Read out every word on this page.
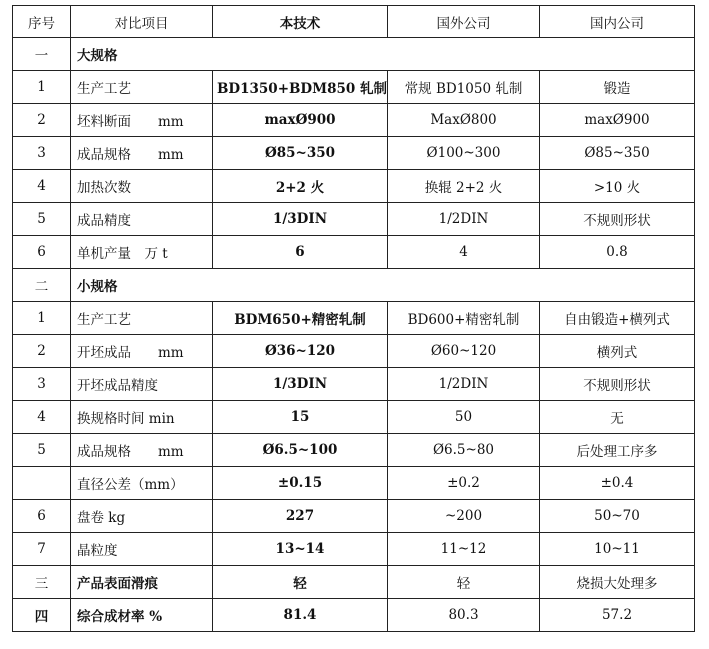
序号	对比项目	本技术	国外公司	国内公司
一	大规格			
1	生产工艺	BD1350+BDM850 轧制	常规 BD1050 轧制	锻造
2	坯料断面　　mm	maxØ900	MaxØ800	maxØ900
3	成品规格　　mm	Ø85~350	Ø100~300	Ø85~350
4	加热次数	2+2 火	换辊 2+2 火	>10 火
5	成品精度	1/3DIN	1/2DIN	不规则形状
6	单机产量　万 t	6	4	0.8
二	小规格			
1	生产工艺	BDM650+精密轧制	BD600+精密轧制	自由锻造+横列式
2	开坯成品　　mm	Ø36~120	Ø60~120	横列式
3	开坯成品精度	1/3DIN	1/2DIN	不规则形状
4	换规格时间 min	15	50	无
5	成品规格　　mm	Ø6.5~100	Ø6.5~80	后处理工序多
	直径公差（mm）	±0.15	±0.2	±0.4
6	盘卷 kg	227	~200	50~70
7	晶粒度	13~14	11~12	10~11
三	产品表面滑痕	轻	轻	烧损大处理多
四	综合成材率 %	81.4	80.3	57.2
